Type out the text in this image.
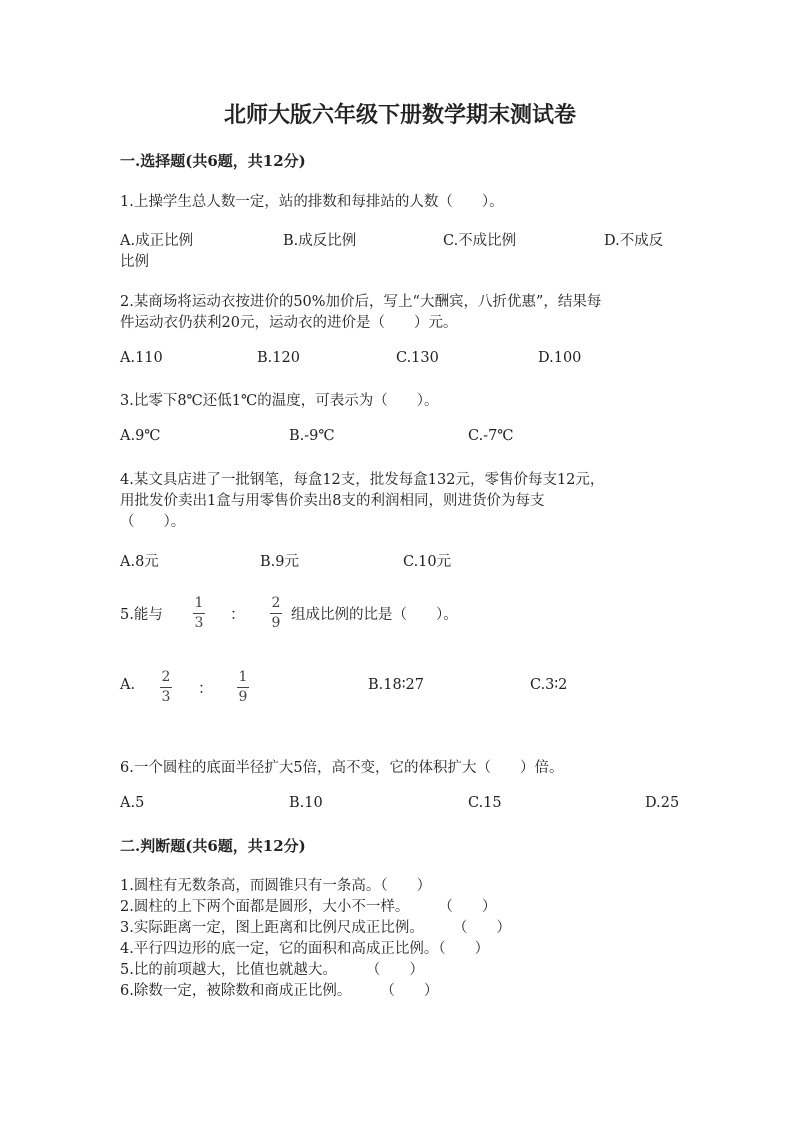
北师大版六年级下册数学期末测试卷
一.选择题(共6题，共12分)
1.上操学生总人数一定，站的排数和每排站的人数（　　）。
A.成正比例	B.成反比例	C.不成比例	D.不成反
比例
2.某商场将运动衣按进价的50%加价后，写上“大酬宾，八折优惠”，结果每
件运动衣仍获利20元，运动衣的进价是（　　）元。
A.110	B.120	C.130	D.100
3.比零下8℃还低1℃的温度，可表示为（　　）。
A.9℃	B.-9℃	C.-7℃
4.某文具店进了一批钢笔，每盒12支，批发每盒132元，零售价每支12元，
用批发价卖出1盒与用零售价卖出8支的利润相同，则进货价为每支
（　　）。
A.8元	B.9元	C.10元
5.能与
1
3 ：
2
9 组成比例的比是（　　）。
A. 2
3 ：
1
9
B.18∶27	C.3∶2
6.一个圆柱的底面半径扩大5倍，高不变，它的体积扩大（　　）倍。
A.5	B.10	C.15	D.25
二.判断题(共6题，共12分)
1.圆柱有无数条高，而圆锥只有一条高。（　　）
2.圆柱的上下两个面都是圆形，大小不一样。　　　（　　）
3.实际距离一定，图上距离和比例尺成正比例。　　　（　　）
4.平行四边形的底一定，它的面积和高成正比例。（　　）
5.比的前项越大，比值也就越大。　　　（　　）
6.除数一定，被除数和商成正比例。　　　（　　）
